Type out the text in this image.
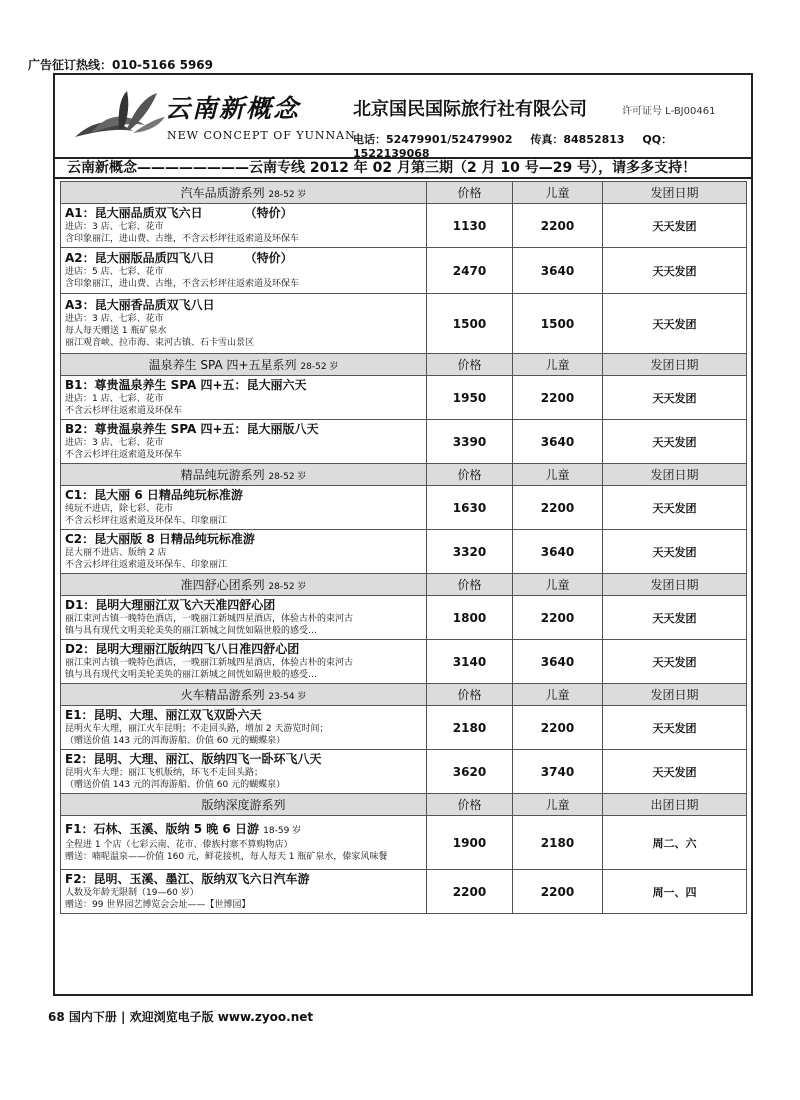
广告征订热线：010-5166 5969
云南新概念
NEW CONCEPT OF YUNNAN
北京国民国际旅行社有限公司	许可证号 L-BJ00461
电话：52479901/52479902 传真：84852813 QQ：1522139068
云南新概念————————云南专线 2012 年 02 月第三期（2 月 10 号—29 号），请多多支持！
汽车品质游系列 28-52 岁	价格	儿童	发团日期

A1：昆大丽品质双飞六日　　　　（特价）
进店：3 店、七彩、花市
含印象丽江，进山费、古维，不含云杉坪往返索道及环保车	1130	2200	天天发团

A2：昆大丽版品质四飞八日　　　（特价）
进店：5 店、七彩、花市
含印象丽江，进山费、古维，不含云杉坪往返索道及环保车	2470	3640	天天发团

A3：昆大丽香品质双飞八日
进店：3 店、七彩、花市
每人每天赠送 1 瓶矿泉水
丽江观音峡、拉市海、束河古镇、石卡雪山景区	1500	1500	天天发团
温泉养生 SPA 四+五星系列 28-52 岁	价格	儿童	发团日期

B1：尊贵温泉养生 SPA 四+五：昆大丽六天
进店：1 店、七彩、花市
不含云杉坪往返索道及环保车	1950	2200	天天发团

B2：尊贵温泉养生 SPA 四+五：昆大丽版八天
进店：3 店、七彩、花市
不含云杉坪往返索道及环保车	3390	3640	天天发团
精品纯玩游系列 28-52 岁	价格	儿童	发团日期

C1：昆大丽 6 日精品纯玩标准游
纯玩不进店，除七彩、花市
不含云杉坪往返索道及环保车、印象丽江	1630	2200	天天发团

C2：昆大丽版 8 日精品纯玩标准游
昆大丽不进店、版纳 2 店
不含云杉坪往返索道及环保车、印象丽江	3320	3640	天天发团
准四舒心团系列 28-52 岁	价格	儿童	发团日期

D1：昆明大理丽江双飞六天准四舒心团
丽江束河古镇一晚特色酒店，一晚丽江新城四星酒店，体验古朴的束河古
镇与具有现代文明美轮美奂的丽江新城之间恍如隔世般的感受…	1800	2200	天天发团

D2：昆明大理丽江版纳四飞八日准四舒心团
丽江束河古镇一晚特色酒店，一晚丽江新城四星酒店，体验古朴的束河古
镇与具有现代文明美轮美奂的丽江新城之间恍如隔世般的感受…	3140	3640	天天发团
火车精品游系列 23-54 岁	价格	儿童	发团日期

E1：昆明、大理、丽江双飞双卧六天
昆明火车大理，丽江火车昆明；不走回头路，增加 2 天游览时间；
（赠送价值 143 元的洱海游船、价值 60 元的蝴蝶泉）	2180	2200	天天发团

E2：昆明、大理、丽江、版纳四飞一卧环飞八天
昆明火车大理；丽江飞机版纳，环飞不走回头路；
（赠送价值 143 元的洱海游船、价值 60 元的蝴蝶泉）	3620	3740	天天发团
版纳深度游系列	价格	儿童	出团日期

F1：石林、玉溪、版纳 5 晚 6 日游 18-59 岁
全程进 1 个店（七彩云南、花市、傣族村寨不算购物店）
赠送：喃呢温泉——价值 160 元，鲜花接机，每人每天 1 瓶矿泉水，傣家风味餐	1900	2180	周二、六

F2：昆明、玉溪、墨江、版纳双飞六日汽车游
人数及年龄无限制（19—60 岁）
赠送：99 世界园艺博览会会址——【世博园】	2200	2200	周一、四
68 国内下册 | 欢迎浏览电子版 www.zyoo.net
